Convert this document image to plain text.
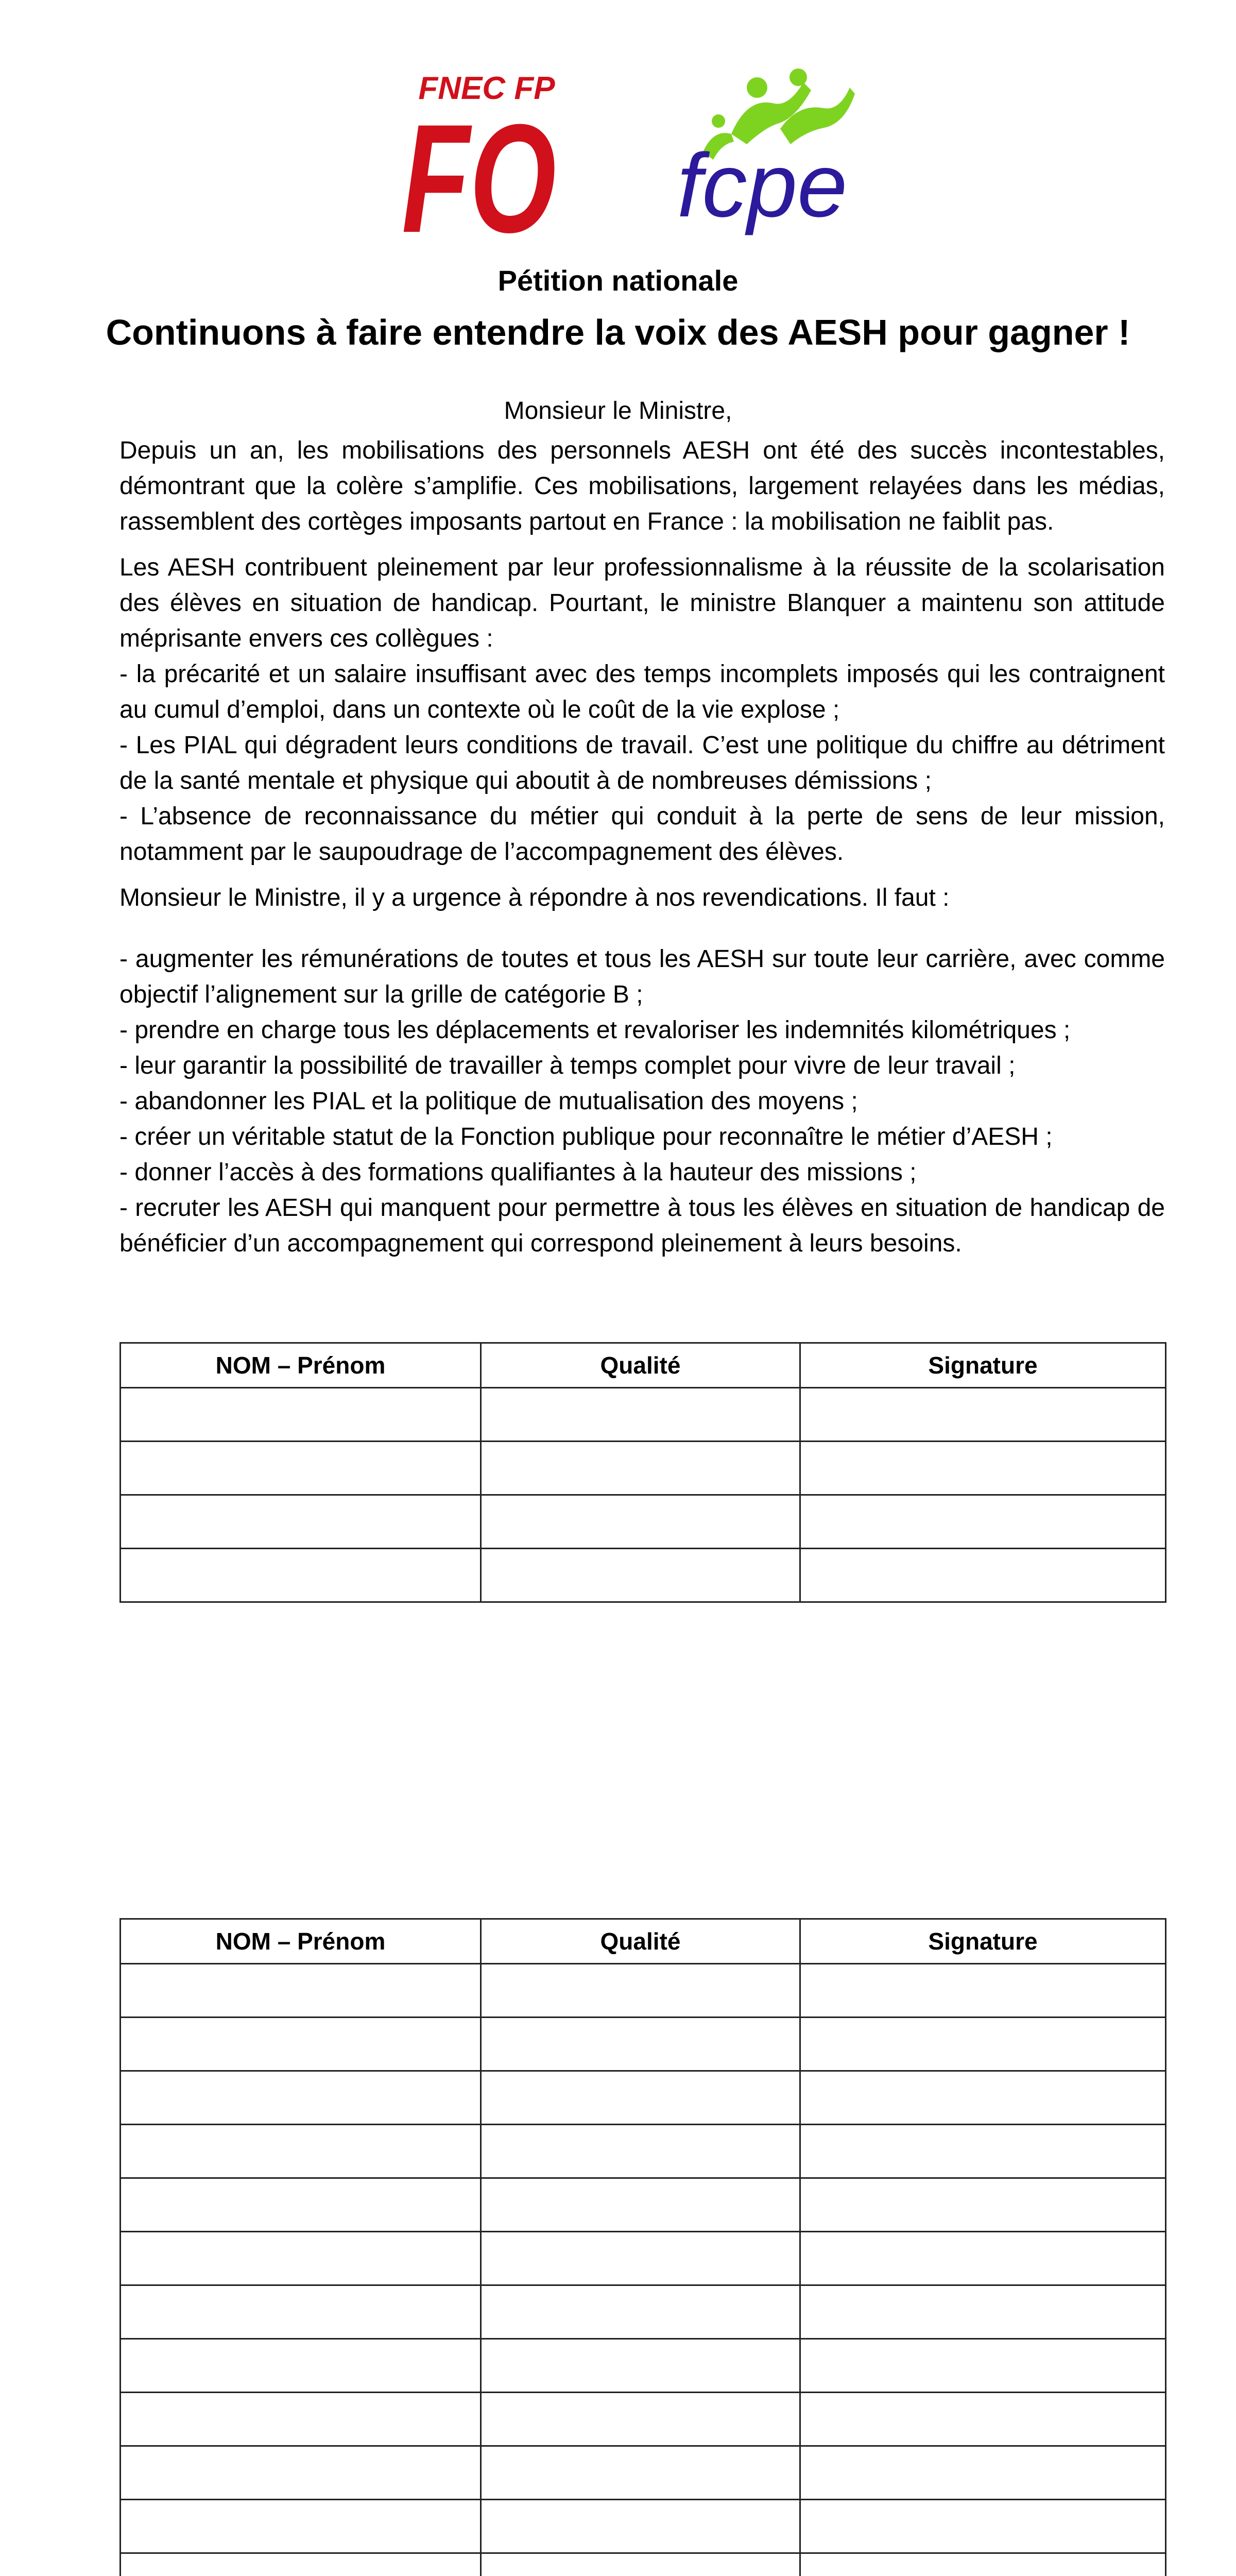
FNEC FP
FO fcpe
Pétition nationale
Continuons à faire entendre la voix des AESH pour gagner !
Monsieur le Ministre,

Depuis un an, les mobilisations des personnels AESH ont été des succès incontestables, démontrant que la colère s’amplifie. Ces mobilisations, largement relayées dans les médias, rassemblent des cortèges imposants partout en France : la mobilisation ne faiblit pas.

Les AESH contribuent pleinement par leur professionnalisme à la réussite de la scolarisation des élèves en situation de handicap. Pourtant, le ministre Blanquer a maintenu son attitude méprisante envers ces collègues :

- la précarité et un salaire insuffisant avec des temps incomplets imposés qui les contraignent au cumul d’emploi, dans un contexte où le coût de la vie explose ;

- Les PIAL qui dégradent leurs conditions de travail. C’est une politique du chiffre au détriment de la santé mentale et physique qui aboutit à de nombreuses démissions ;

- L’absence de reconnaissance du métier qui conduit à la perte de sens de leur mission, notamment par le saupoudrage de l’accompagnement des élèves.

Monsieur le Ministre, il y a urgence à répondre à nos revendications. Il faut :

- augmenter les rémunérations de toutes et tous les AESH sur toute leur carrière, avec comme objectif l’alignement sur la grille de catégorie B ;

- prendre en charge tous les déplacements et revaloriser les indemnités kilométriques ;

- leur garantir la possibilité de travailler à temps complet pour vivre de leur travail ;

- abandonner les PIAL et la politique de mutualisation des moyens ;

- créer un véritable statut de la Fonction publique pour reconnaître le métier d’AESH ;

- donner l’accès à des formations qualifiantes à la hauteur des missions ;

- recruter les AESH qui manquent pour permettre à tous les élèves en situation de handicap de bénéficier d’un accompagnement qui correspond pleinement à leurs besoins.

NOM – Prénom	Qualité	Signature

NOM – Prénom	Qualité	Signature
